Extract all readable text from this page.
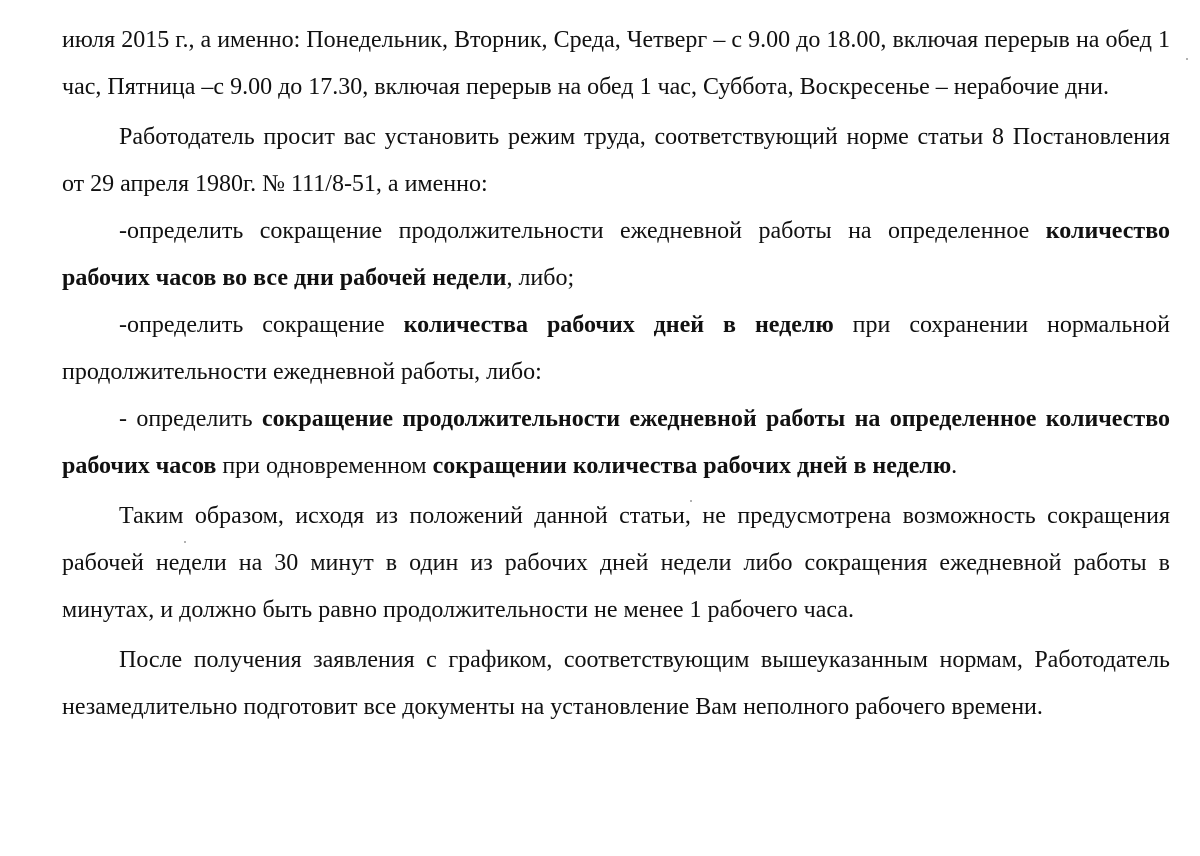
июля 2015 г., а именно: Понедельник, Вторник, Среда, Четверг – с 9.00 до 18.00, включая перерыв на обед 1 час, Пятница –с 9.00 до 17.30, включая перерыв на обед 1 час, Суббота, Воскресенье – нерабочие дни.

Работодатель просит вас установить режим труда, соответствующий норме статьи 8 Постановления от 29 апреля 1980г. № 111/8-51, а именно:

-определить сокращение продолжительности ежедневной работы на определенное количество рабочих часов во все дни рабочей недели, либо;

-определить сокращение количества рабочих дней в неделю при сохранении нормальной продолжительности ежедневной работы, либо:

- определить сокращение продолжительности ежедневной работы на определенное количество рабочих часов при одновременном сокращении количества рабочих дней в неделю.

Таким образом, исходя из положений данной статьи, не предусмотрена возможность сокращения рабочей недели на 30 минут в один из рабочих дней недели либо сокращения ежедневной работы в минутах, и должно быть равно продолжительности не менее 1 рабочего часа.

После получения заявления с графиком, соответствующим вышеуказанным нормам, Работодатель незамедлительно подготовит все документы на установление Вам неполного рабочего времени.
